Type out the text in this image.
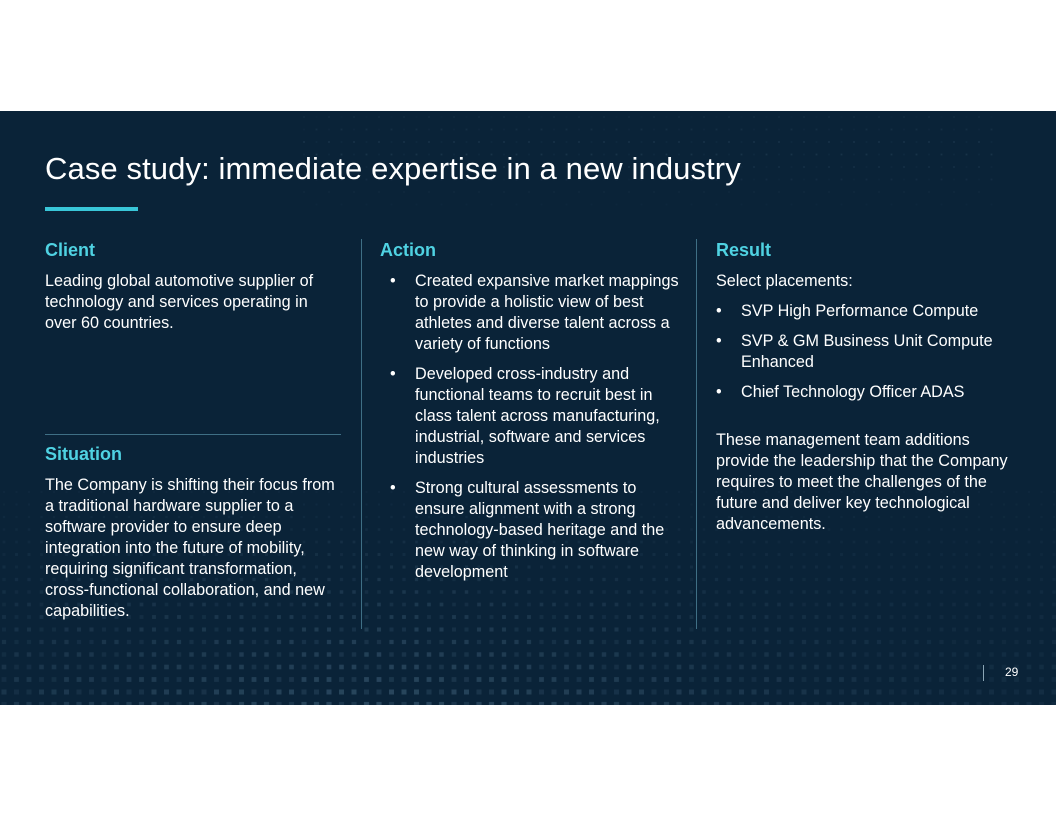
Case study: immediate expertise in a new industry
Client

Leading global automotive supplier of technology and services operating in over 60 countries.

Situation

The Company is shifting their focus from a traditional hardware supplier to a software provider to ensure deep integration into the future of mobility, requiring significant transformation, cross-functional collaboration, and new capabilities.

Action
• Created expansive market mappings to provide a holistic view of best athletes and diverse talent across a variety of functions
• Developed cross-industry and functional teams to recruit best in class talent across manufacturing, industrial, software and services industries
• Strong cultural assessments to ensure alignment with a strong technology-based heritage and the new way of thinking in software development
Result

Select placements:

• SVP High Performance Compute
• SVP & GM Business Unit Compute Enhanced
• Chief Technology Officer ADAS

These management team additions provide the leadership that the Company requires to meet the challenges of the future and deliver key technological advancements.

29
